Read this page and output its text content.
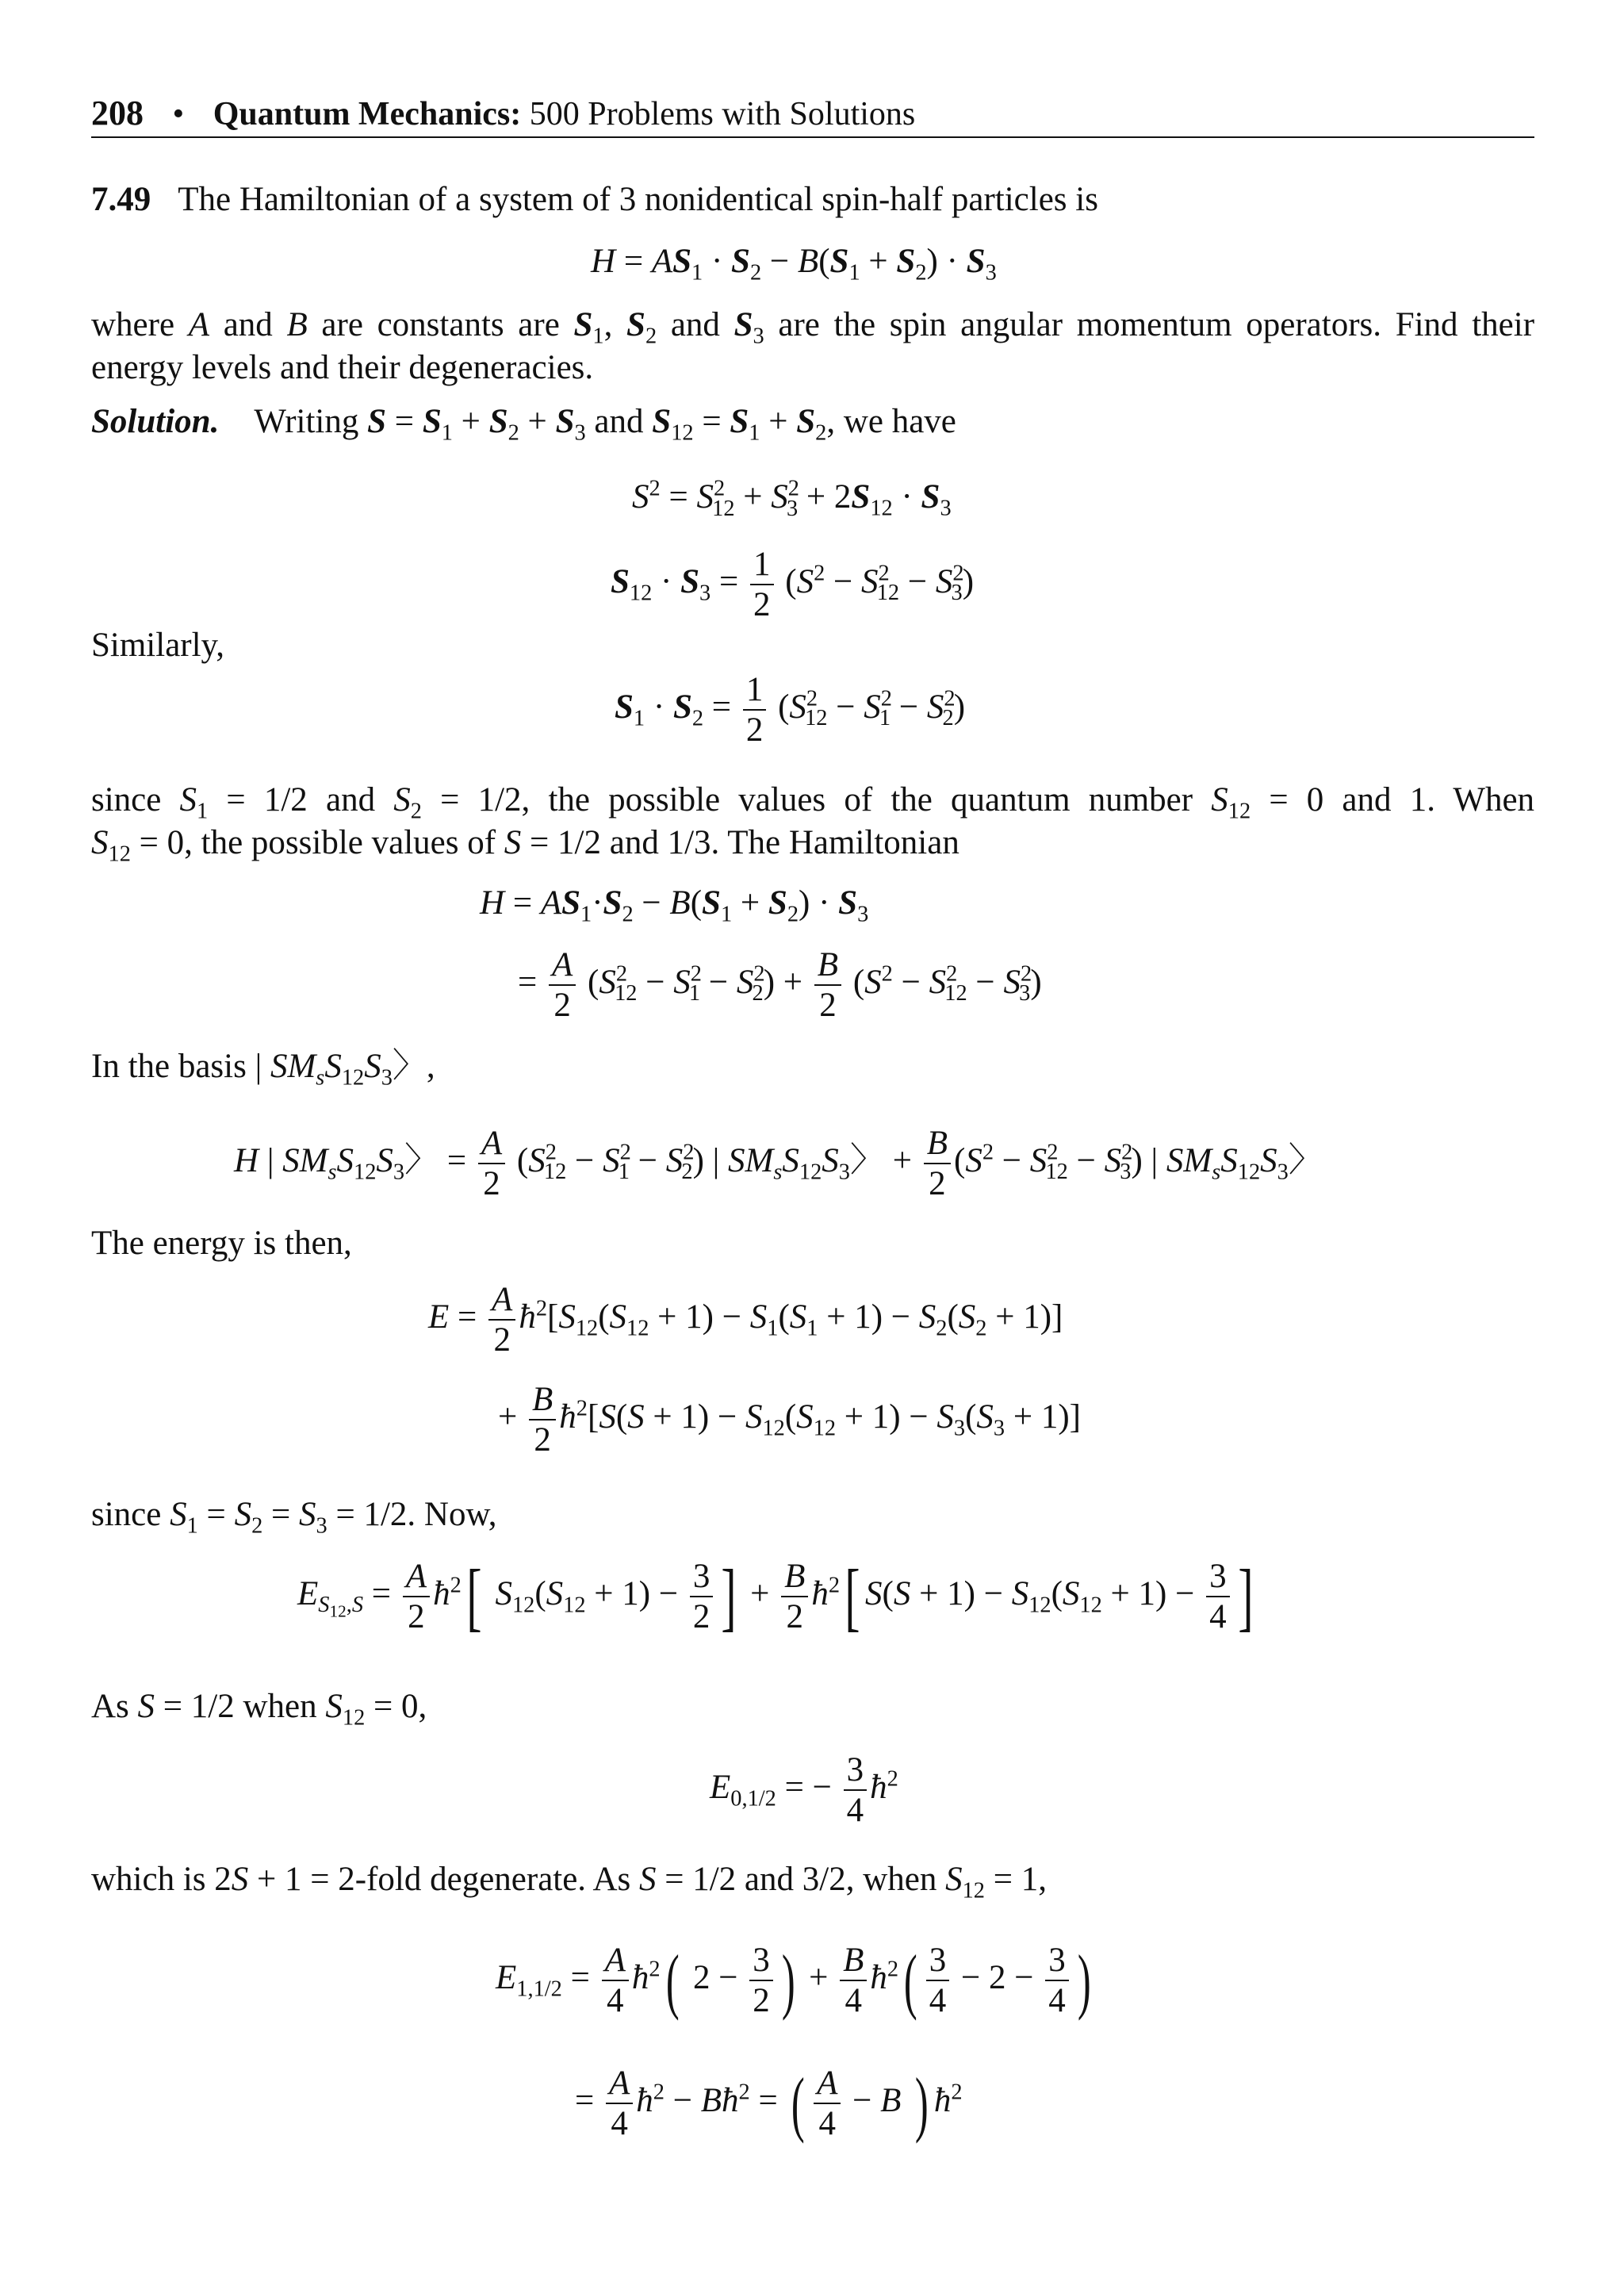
208 • Quantum Mechanics: 500 Problems with Solutions
7.49 The Hamiltonian of a system of 3 nonidentical spin-half particles is
$H = AS_1 \cdot S_2 - B(S_1 + S_2) \cdot S_3$
where A and B are constants are $S_1$, $S_2$ and $S_3$ are the spin angular momentum operators. Find their
energy levels and their degeneracies.
Solution. Writing $S = S_1 + S_2 + S_3$ and $S_{12} = S_1 + S_2$, we have
$S^2 = S^2_{12} + S^2_3 + 2S_{12} \cdot S_3$
$S_{12} \cdot S_3 = \frac{1}{2} (S^2 - S^2_{12} - S^2_3)$
Similarly,
$S_1 \cdot S_2 = \frac{1}{2} (S^2_{12} - S^2_1 - S^2_2)$
since $S_1 = 1/2$ and $S_2 = 1/2$, the possible values of the quantum number $S_{12} = 0$ and 1. When
$S_{12} = 0$, the possible values of S = 1/2 and 1/3. The Hamiltonian
$H = AS_1\cdot S_2 - B(S_1 + S_2) \cdot S_3$
= $\frac{A}{2} (S^2_{12} - S^2_1 - S^2_2) + \frac{B}{2} (S^2 - S^2_{12} - S^2_3)$
In the basis | $SM_sS_{12}S_3$〉,
H | $SM_sS_{12}S_3$〉 = $\frac{A}{2} (S^2_{12} - S^2_1 - S^2_2)$ | $SM_sS_{12}S_3$〉 + $\frac{B}{2} (S^2 - S^2_{12} - S^2_3)$ | $SM_sS_{12}S_3$〉
The energy is then,
$E = \frac{A}{2}$ $ħ^2[S_{12}(S_{12} + 1) - S_1(S_1 + 1) - S_2(S_2 + 1)]$
+ $\frac{B}{2}$ $ħ^2[S(S + 1) - S_{12}(S_{12} + 1) - S_3(S_3 + 1)]$
since $S_1 = S_2 = S_3 = 1/2$. Now,
$E_{S_{12},S} = \frac{A}{2}$ $ħ^2$[ $S_{12}(S_{12} + 1) - \frac{3}{2}$ ] + $\frac{B}{2}$ $ħ^2$[ $S(S + 1) - S_{12}(S_{12} + 1) - \frac{3}{4}$ ]
As S = 1/2 when $S_{12} = 0$,
$E_{0,1/2}$ = − $\frac{3}{4}$ $ħ^2$
which is 2S + 1 = 2-fold degenerate. As S = 1/2 and 3/2, when $S_{12} = 1$,
$E_{1,1/2} = \frac{A}{4}$ $ħ^2$( $2 - \frac{3}{2}$ ) + $\frac{B}{4}$ $ħ^2( \frac{3}{4} - 2 - \frac{3}{4}$ )
= $\frac{A}{4}$ $ħ^2$ − $Bħ^2$ = ( $\frac{A}{4} - B$ ) $ħ^2$
